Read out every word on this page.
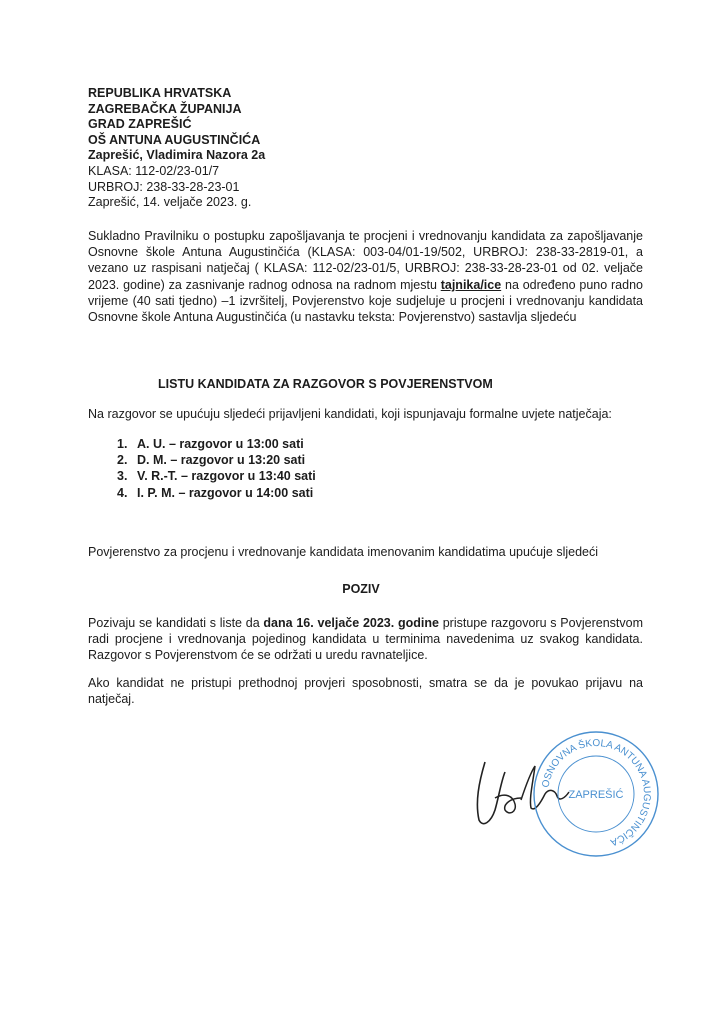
REPUBLIKA HRVATSKA
ZAGREBAČKA ŽUPANIJA
GRAD ZAPREŠIĆ
OŠ ANTUNA AUGUSTINČIĆA
Zaprešić, Vladimira Nazora 2a
KLASA: 112-02/23-01/7
URBROJ: 238-33-28-23-01
Zaprešić, 14. veljače 2023. g.
Sukladno Pravilniku o postupku zapošljavanja te procjeni i vrednovanju kandidata za zapošljavanje Osnovne škole Antuna Augustinčića (KLASA: 003-04/01-19/502, URBROJ: 238-33-2819-01, a vezano uz raspisani natječaj ( KLASA: 112-02/23-01/5, URBROJ: 238-33-28-23-01 od 02. veljače 2023. godine) za zasnivanje radnog odnosa na radnom mjestu tajnika/ice na određeno puno radno vrijeme (40 sati tjedno) –1 izvršitelj, Povjerenstvo koje sudjeluje u procjeni i vrednovanju kandidata Osnovne škole Antuna Augustinčića (u nastavku teksta: Povjerenstvo) sastavlja sljedeću
LISTU KANDIDATA ZA RAZGOVOR S POVJERENSTVOM
Na razgovor se upućuju sljedeći prijavljeni kandidati, koji ispunjavaju formalne uvjete natječaja:
1. A. U. – razgovor u 13:00 sati
2. D. M. – razgovor u 13:20 sati
3. V. R.-T. – razgovor u 13:40 sati
4. I. P. M. – razgovor u 14:00 sati
Povjerenstvo za procjenu i vrednovanje kandidata imenovanim kandidatima upućuje sljedeći
POZIV
Pozivaju se kandidati s liste da dana 16. veljače 2023. godine pristupe razgovoru s Povjerenstvom radi procjene i vrednovanja pojedinog kandidata u terminima navedenima uz svakog kandidata. Razgovor s Povjerenstvom će se održati u uredu ravnateljice.
Ako kandidat ne pristupi prethodnoj provjeri sposobnosti, smatra se da je povukao prijavu na natječaj.
OSNOVNA ŠKOLA ANTUNA AUGUSTINČIĆA
ZAPREŠIĆ
